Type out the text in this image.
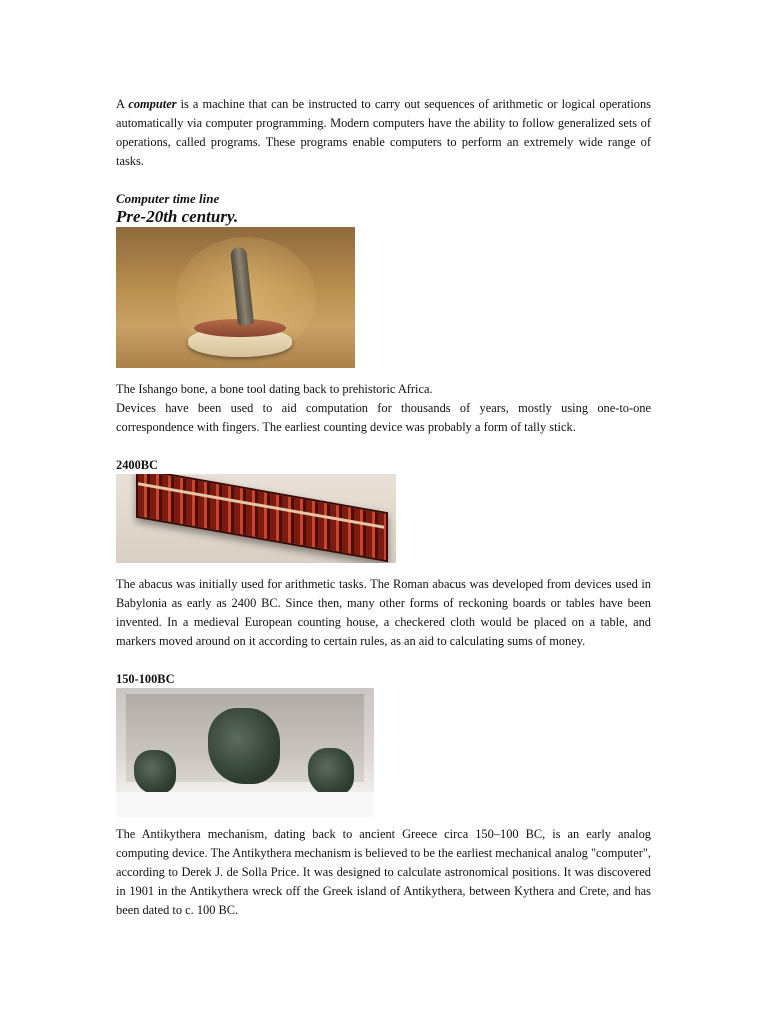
A computer is a machine that can be instructed to carry out sequences of arithmetic or logical operations automatically via computer programming. Modern computers have the ability to follow generalized sets of operations, called programs. These programs enable computers to perform an extremely wide range of tasks.

Computer time line
Pre-20th century.

The Ishango bone, a bone tool dating back to prehistoric Africa.

Devices have been used to aid computation for thousands of years, mostly using one-to-one correspondence with fingers. The earliest counting device was probably a form of tally stick.

2400BC

The abacus was initially used for arithmetic tasks. The Roman abacus was developed from devices used in Babylonia as early as 2400 BC. Since then, many other forms of reckoning boards or tables have been invented. In a medieval European counting house, a checkered cloth would be placed on a table, and markers moved around on it according to certain rules, as an aid to calculating sums of money.

150-100BC

The Antikythera mechanism, dating back to ancient Greece circa 150–100 BC, is an early analog computing device. The Antikythera mechanism is believed to be the earliest mechanical analog "computer", according to Derek J. de Solla Price. It was designed to calculate astronomical positions. It was discovered in 1901 in the Antikythera wreck off the Greek island of Antikythera, between Kythera and Crete, and has been dated to c. 100 BC.
